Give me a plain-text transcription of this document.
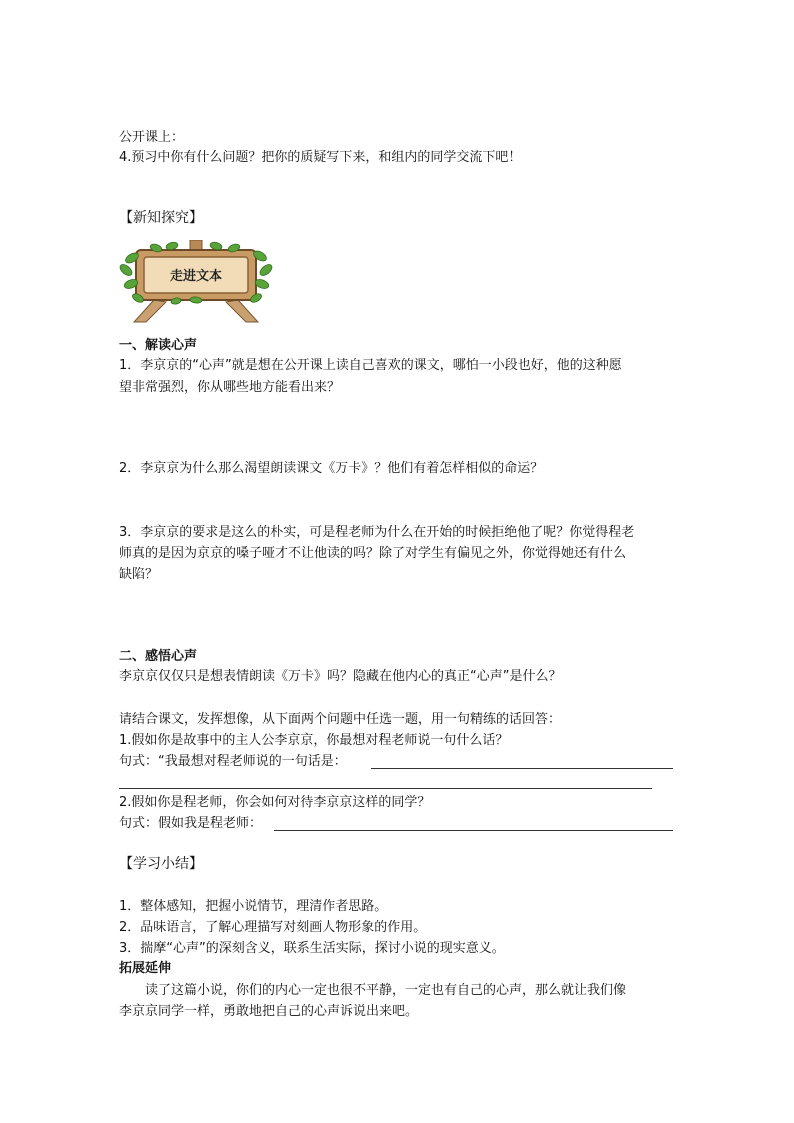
公开课上：
4.预习中你有什么问题？把你的质疑写下来，和组内的同学交流下吧！
【新知探究】
走进文本
一、解读心声
1．李京京的“心声”就是想在公开课上读自己喜欢的课文，哪怕一小段也好，他的这种愿
望非常强烈，你从哪些地方能看出来？
2．李京京为什么那么渴望朗读课文《万卡》？他们有着怎样相似的命运？
3．李京京的要求是这么的朴实，可是程老师为什么在开始的时候拒绝他了呢？你觉得程老
师真的是因为京京的嗓子哑才不让他读的吗？除了对学生有偏见之外，你觉得她还有什么
缺陷？
二、感悟心声
李京京仅仅只是想表情朗读《万卡》吗？隐藏在他内心的真正“心声”是什么？
请结合课文，发挥想像，从下面两个问题中任选一题，用一句精练的话回答：
1.假如你是故事中的主人公李京京，你最想对程老师说一句什么话？
句式：“我最想对程老师说的一句话是：
2.假如你是程老师，你会如何对待李京京这样的同学？
句式：假如我是程老师：
【学习小结】
1．整体感知，把握小说情节，理清作者思路。
2．品味语言，了解心理描写对刻画人物形象的作用。
3．揣摩“心声”的深刻含义，联系生活实际，探讨小说的现实意义。
拓展延伸
读了这篇小说，你们的内心一定也很不平静，一定也有自己的心声，那么就让我们像
李京京同学一样，勇敢地把自己的心声诉说出来吧。
